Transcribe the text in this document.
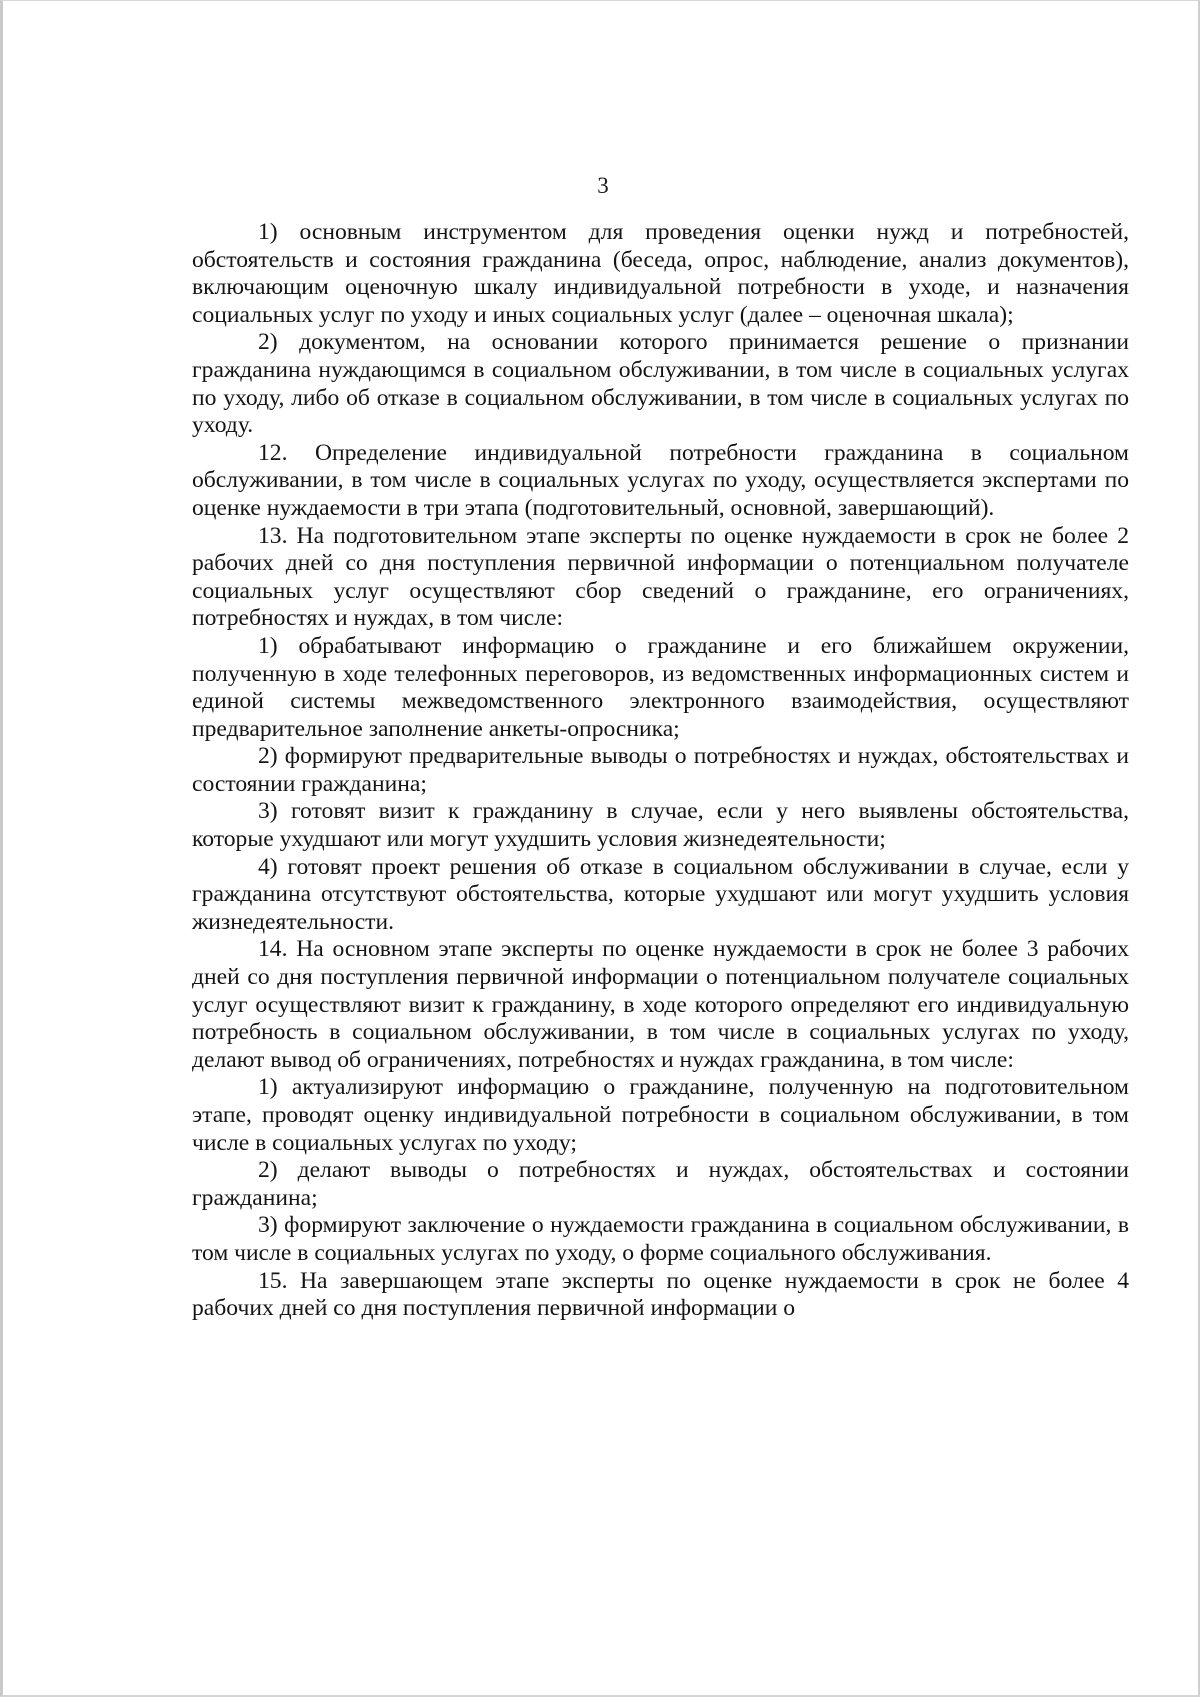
3

1) основным инструментом для проведения оценки нужд и потребностей, обстоятельств и состояния гражданина (беседа, опрос, наблюдение, анализ документов), включающим оценочную шкалу индивидуальной потребности в уходе, и назначения социальных услуг по уходу и иных социальных услуг (далее – оценочная шкала);

2) документом, на основании которого принимается решение о признании гражданина нуждающимся в социальном обслуживании, в том числе в социальных услугах по уходу, либо об отказе в социальном обслуживании, в том числе в социальных услугах по уходу.

12. Определение индивидуальной потребности гражданина в социальном обслуживании, в том числе в социальных услугах по уходу, осуществляется экспертами по оценке нуждаемости в три этапа (подготовительный, основной, завершающий).

13. На подготовительном этапе эксперты по оценке нуждаемости в срок не более 2 рабочих дней со дня поступления первичной информации о потенциальном получателе социальных услуг осуществляют сбор сведений о гражданине, его ограничениях, потребностях и нуждах, в том числе:

1) обрабатывают информацию о гражданине и его ближайшем окружении, полученную в ходе телефонных переговоров, из ведомственных информационных систем и единой системы межведомственного электронного взаимодействия, осуществляют предварительное заполнение анкеты-опросника;

2) формируют предварительные выводы о потребностях и нуждах, обстоятельствах и состоянии гражданина;

3) готовят визит к гражданину в случае, если у него выявлены обстоятельства, которые ухудшают или могут ухудшить условия жизнедеятельности;

4) готовят проект решения об отказе в социальном обслуживании в случае, если у гражданина отсутствуют обстоятельства, которые ухудшают или могут ухудшить условия жизнедеятельности.

14. На основном этапе эксперты по оценке нуждаемости в срок не более 3 рабочих дней со дня поступления первичной информации о потенциальном получателе социальных услуг осуществляют визит к гражданину, в ходе которого определяют его индивидуальную потребность в социальном обслуживании, в том числе в социальных услугах по уходу, делают вывод об ограничениях, потребностях и нуждах гражданина, в том числе:

1) актуализируют информацию о гражданине, полученную на подготовительном этапе, проводят оценку индивидуальной потребности в социальном обслуживании, в том числе в социальных услугах по уходу;

2) делают выводы о потребностях и нуждах, обстоятельствах и состоянии гражданина;

3) формируют заключение о нуждаемости гражданина в социальном обслуживании, в том числе в социальных услугах по уходу, о форме социального обслуживания.

15. На завершающем этапе эксперты по оценке нуждаемости в срок не более 4 рабочих дней со дня поступления первичной информации о
